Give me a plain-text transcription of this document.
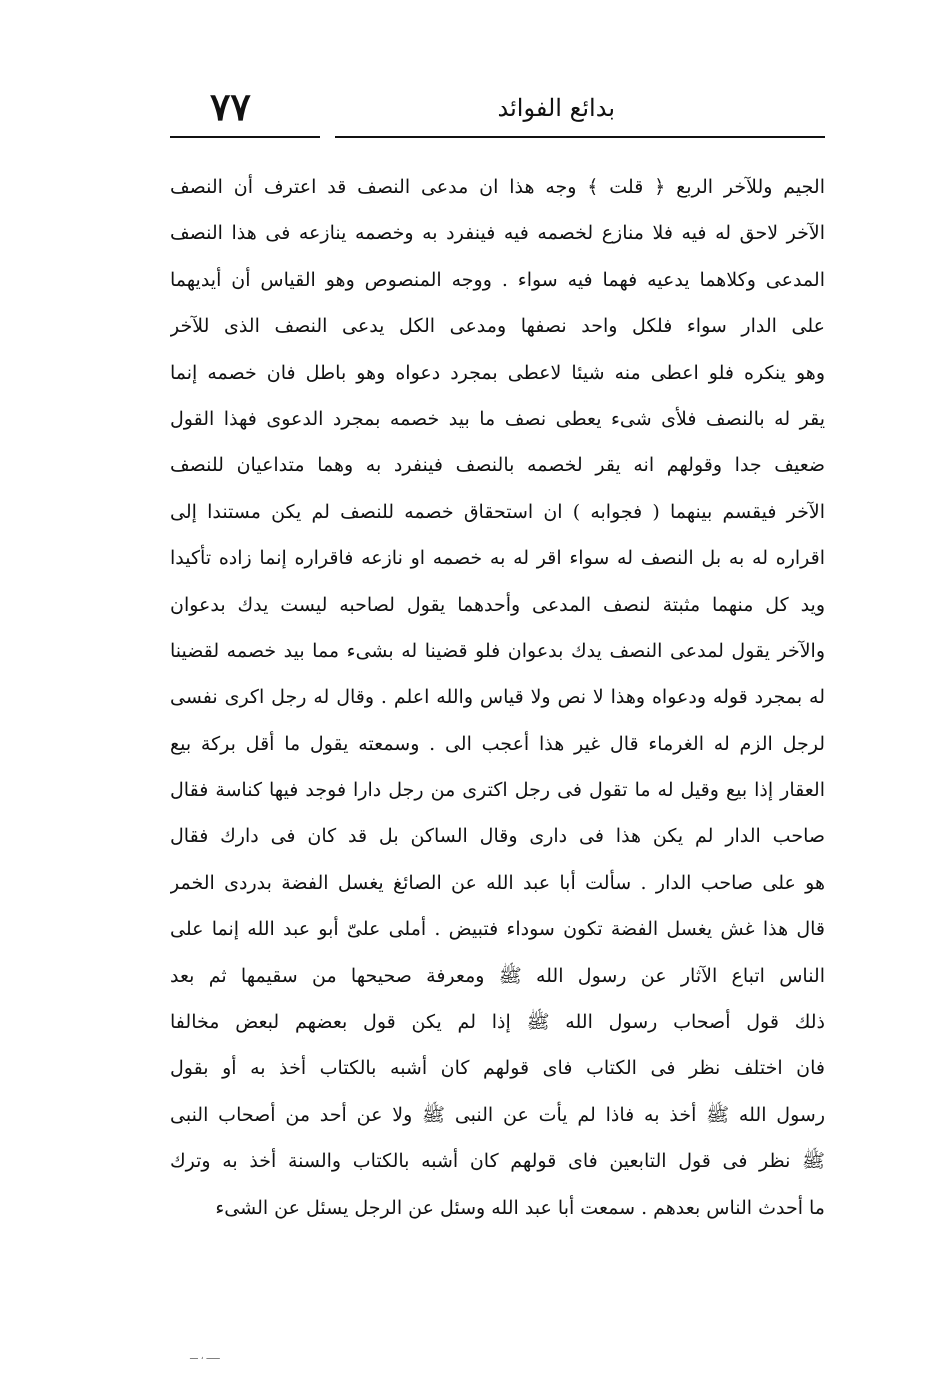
٧٧	بدائع الفوائد
الجيم وللآخر الربع ﴿ قلت ﴾ وجه هذا ان مدعى النصف قد اعترف أن النصف
الآخر لاحق له فيه فلا منازع لخصمه فيه فينفرد به وخصمه ينازعه فى هذا النصف
المدعى وكلاهما يدعيه فهما فيه سواء . ووجه المنصوص وهو القياس أن أيديهما
على الدار سواء فلكل واحد نصفها ومدعى الكل يدعى النصف الذى للآخر
وهو ينكره فلو اعطى منه شيئا لاعطى بمجرد دعواه وهو باطل فان خصمه إنما
يقر له بالنصف فلأى شىء يعطى نصف ما بيد خصمه بمجرد الدعوى فهذا القول
ضعيف جدا وقولهم انه يقر لخصمه بالنصف فينفرد به وهما متداعيان للنصف
الآخر فيقسم بينهما ( فجوابه ) ان استحقاق خصمه للنصف لم يكن مستندا إلى
اقراره له به بل النصف له سواء اقر له به خصمه او نازعه فاقراره إنما زاده تأكيدا
ويد كل منهما مثبتة لنصف المدعى وأحدهما يقول لصاحبه ليست يدك بدعوان
والآخر يقول لمدعى النصف يدك بدعوان فلو قضينا له بشىء مما بيد خصمه لقضينا
له بمجرد قوله ودعواه وهذا لا نص ولا قياس والله اعلم . وقال له رجل اكرى نفسى
لرجل الزم له الغرماء قال غير هذا أعجب الى . وسمعته يقول ما أقل بركة بيع
العقار إذا بيع وقيل له ما تقول فى رجل اكترى من رجل دارا فوجد فيها كناسة فقال
صاحب الدار لم يكن هذا فى دارى وقال الساكن بل قد كان فى دارك فقال
هو على صاحب الدار . سألت أبا عبد الله عن الصائغ يغسل الفضة بدردى الخمر
قال هذا غش يغسل الفضة تكون سوداء فتبيض . أملى علىّ أبو عبد الله إنما على
الناس اتباع الآثار عن رسول الله ﷺ ومعرفة صحيحها من سقيمها ثم بعد
ذلك قول أصحاب رسول الله ﷺ إذا لم يكن قول بعضهم لبعض مخالفا
فان اختلف نظر فى الكتاب فاى قولهم كان أشبه بالكتاب أخذ به أو بقول
رسول الله ﷺ أخذ به فاذا لم يأت عن النبى ﷺ ولا عن أحد من أصحاب النبى
ﷺ نظر فى قول التابعين فاى قولهم كان أشبه بالكتاب والسنة أخذ به وترك
ما أحدث الناس بعدهم . سمعت أبا عبد الله وسئل عن الرجل يسئل عن الشىء
ـــــ ، ـــ
